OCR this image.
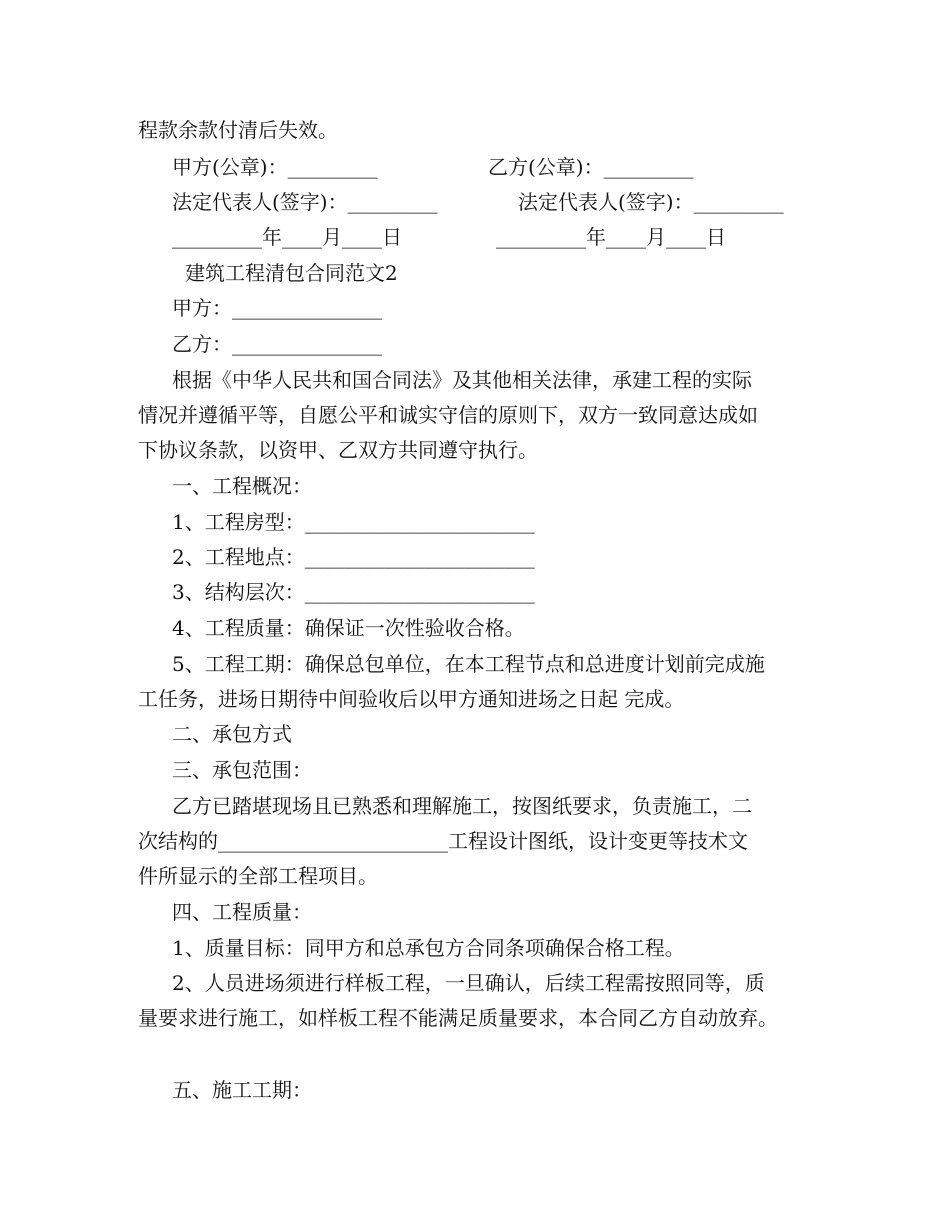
程款余款付清后失效。
甲方(公章)：_________	乙方(公章)：_________
法定代表人(签字)：_________	法定代表人(签字)：_________
_________年____月____日	_________年____月____日
建筑工程清包合同范文2
甲方：_______________
乙方：_______________
根据《中华人民共和国合同法》及其他相关法律，承建工程的实际
情况并遵循平等，自愿公平和诚实守信的原则下，双方一致同意达成如
下协议条款，以资甲、乙双方共同遵守执行。
一、工程概况：
1、工程房型：_______________________
2、工程地点：_______________________
3、结构层次：_______________________
4、工程质量：确保证一次性验收合格。
5、工程工期：确保总包单位，在本工程节点和总进度计划前完成施
工任务，进场日期待中间验收后以甲方通知进场之日起 完成。
二、承包方式
三、承包范围：
乙方已踏堪现场且已熟悉和理解施工，按图纸要求，负责施工，二
次结构的_______________________工程设计图纸，设计变更等技术文
件所显示的全部工程项目。
四、工程质量：
1、质量目标：同甲方和总承包方合同条项确保合格工程。
2、人员进场须进行样板工程，一旦确认，后续工程需按照同等，质
量要求进行施工，如样板工程不能满足质量要求，本合同乙方自动放弃。
五、施工工期：
